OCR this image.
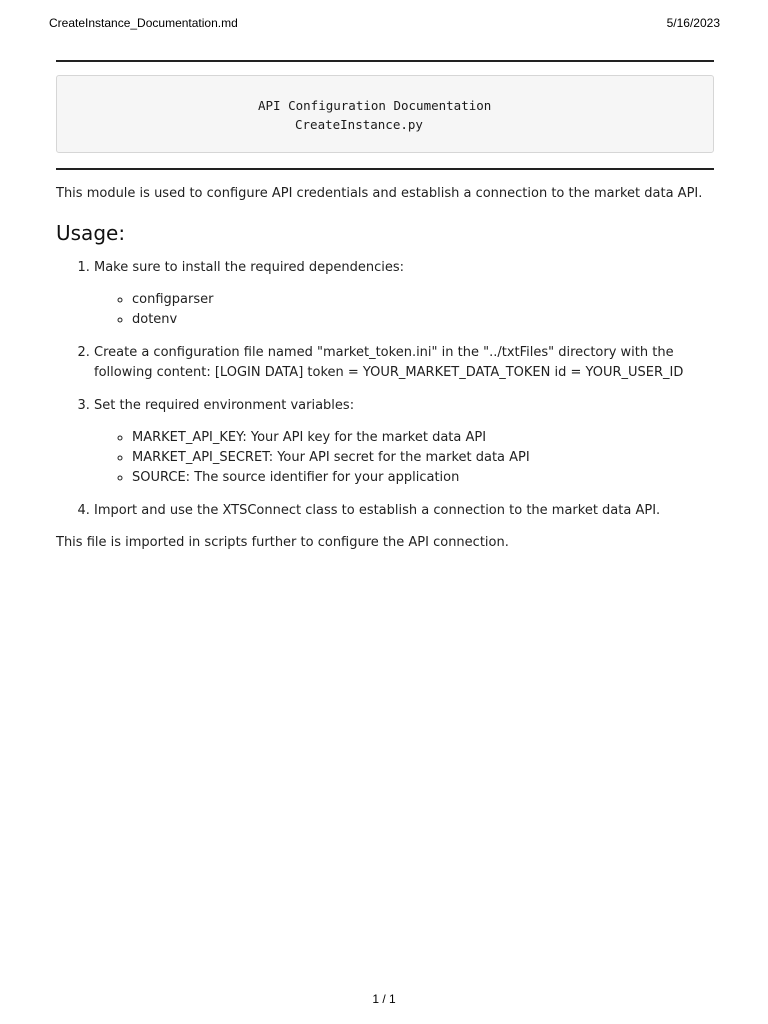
CreateInstance_Documentation.md	5/16/2023
API Configuration Documentation
CreateInstance.py

This module is used to configure API credentials and establish a connection to the market data API.

Usage:
1. Make sure to install the required dependencies:
◦ configparser
◦ dotenv
2. Create a configuration file named "market_token.ini" in the "../txtFiles" directory with the following content: [LOGIN DATA] token = YOUR_MARKET_DATA_TOKEN id = YOUR_USER_ID
3. Set the required environment variables:
◦ MARKET_API_KEY: Your API key for the market data API
◦ MARKET_API_SECRET: Your API secret for the market data API
◦ SOURCE: The source identifier for your application
4. Import and use the XTSConnect class to establish a connection to the market data API.

This file is imported in scripts further to configure the API connection.

1 / 1
